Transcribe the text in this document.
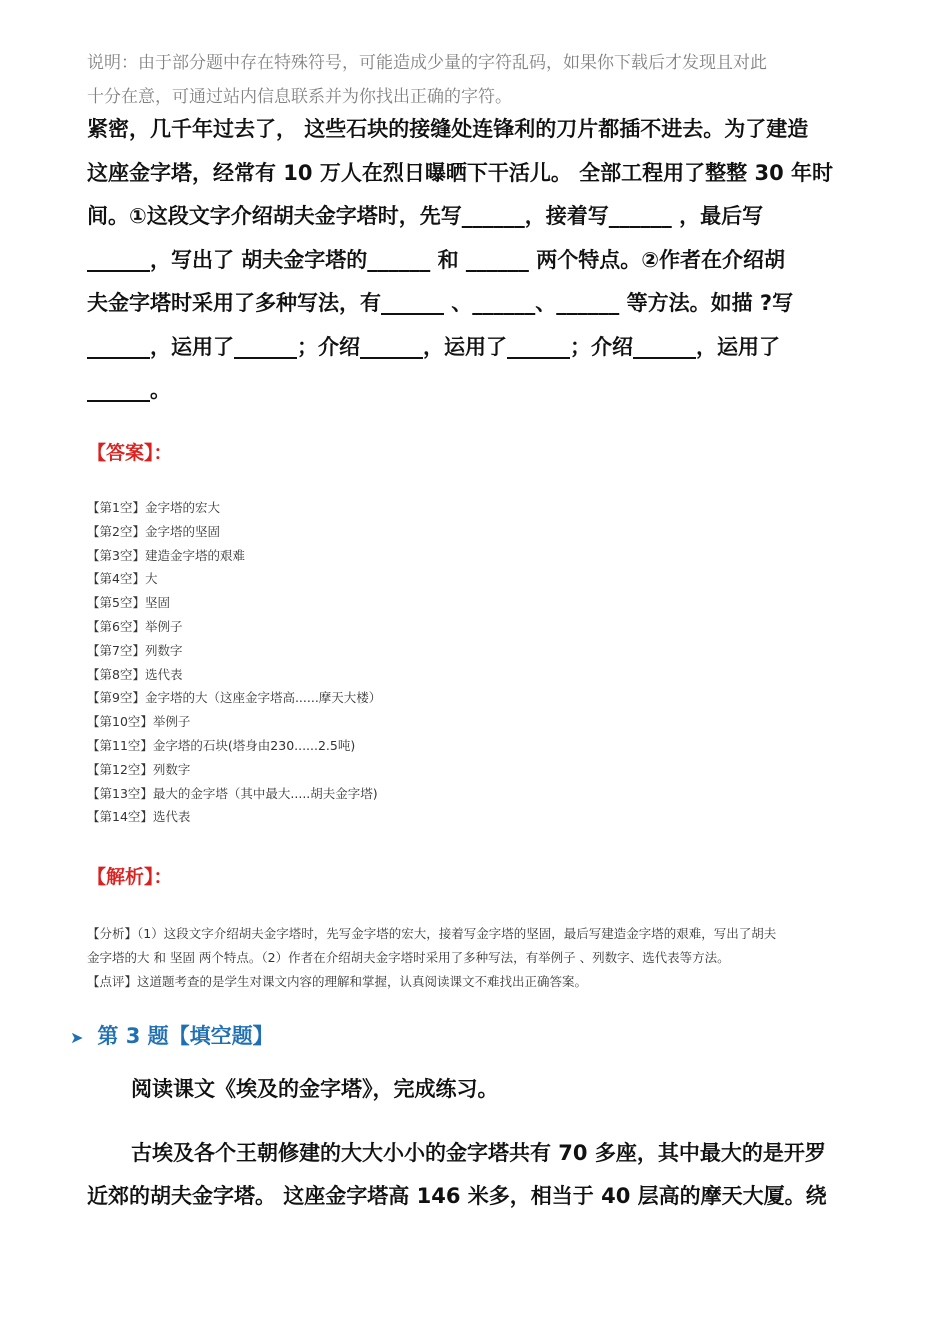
说明：由于部分题中存在特殊符号，可能造成少量的字符乱码，如果你下载后才发现且对此
十分在意，可通过站内信息联系并为你找出正确的字符。
紧密，几千年过去了， 这些石块的接缝处连锋利的刀片都插不进去。为了建造
这座金字塔，经常有 10 万人在烈日曝晒下干活儿。 全部工程用了整整 30 年时
间。①这段文字介绍胡夫金字塔时，先写______，接着写______ ，最后写
______，写出了 胡夫金字塔的______ 和 ______ 两个特点。②作者在介绍胡
夫金字塔时采用了多种写法，有______ 、______、______ 等方法。如描 ?写
______，运用了______；介绍______，运用了______；介绍______，运用了
______。
【答案】：
【第1空】金字塔的宏大
【第2空】金字塔的坚固
【第3空】建造金字塔的艰难
【第4空】大
【第5空】坚固
【第6空】举例子
【第7空】列数字
【第8空】选代表
【第9空】金字塔的大（这座金字塔高......摩天大楼）
【第10空】举例子
【第11空】金字塔的石块(塔身由230......2.5吨)
【第12空】列数字
【第13空】最大的金字塔（其中最大.....胡夫金字塔)
【第14空】选代表
【解析】：
【分析】（1）这段文字介绍胡夫金字塔时，先写金字塔的宏大，接着写金字塔的坚固，最后写建造金字塔的艰难，写出了胡夫
金字塔的大 和 坚固 两个特点。（2）作者在介绍胡夫金字塔时采用了多种写法，有举例子 、列数字、选代表等方法。
【点评】这道题考查的是学生对课文内容的理解和掌握，认真阅读课文不难找出正确答案。
➤ 第 3 题【填空题】
阅读课文《埃及的金字塔》，完成练习。
古埃及各个王朝修建的大大小小的金字塔共有 70 多座，其中最大的是开罗
近郊的胡夫金字塔。 这座金字塔高 146 米多，相当于 40 层高的摩天大厦。绕
